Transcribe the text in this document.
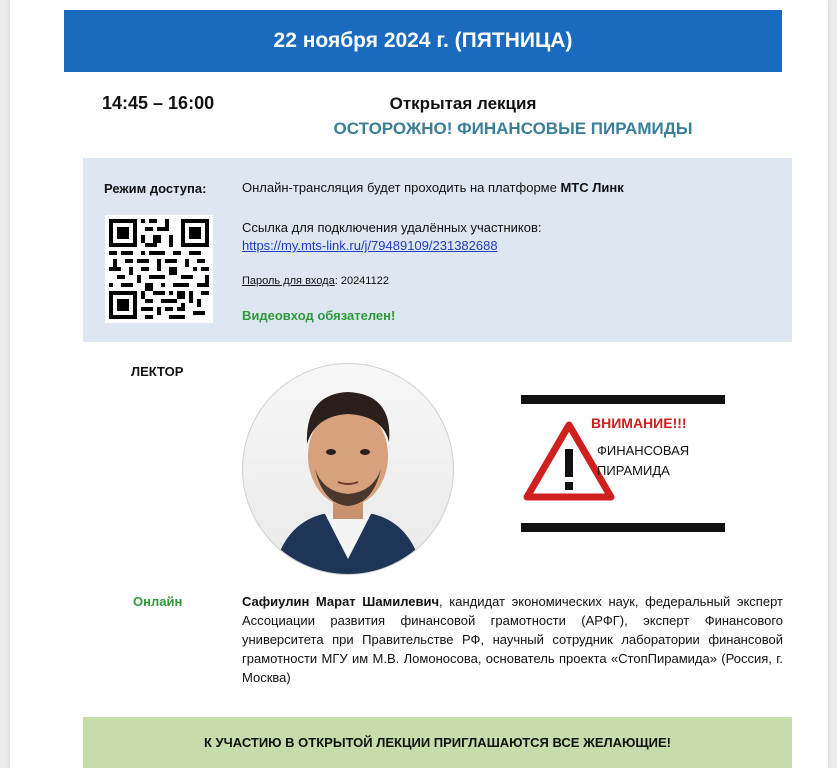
22 ноября 2024 г. (ПЯТНИЦА)
14:45 – 16:00	Открытая лекция
ОСТОРОЖНО! ФИНАНСОВЫЕ ПИРАМИДЫ
Режим доступа:	Онлайн-трансляция будет проходить на платформе МТС Линк
Ссылка для подключения удалённых участников:
https://my.mts-link.ru/j/79489109/231382688
Пароль для входа: 20241122
Видеовход обязателен!
ЛЕКТОР
ВНИМАНИЕ!!!
ФИНАНСОВАЯ
ПИРАМИДА
Онлайн	Сафиулин Марат Шамилевич, кандидат экономических наук, федеральный эксперт Ассоциации развития финансовой грамотности (АРФГ), эксперт Финансового университета при Правительстве РФ, научный сотрудник лаборатории финансовой грамотности МГУ им М.В. Ломоносова, основатель проекта «СтопПирамида» (Россия, г. Москва)
К УЧАСТИЮ В ОТКРЫТОЙ ЛЕКЦИИ ПРИГЛАШАЮТСЯ ВСЕ ЖЕЛАЮЩИЕ!
